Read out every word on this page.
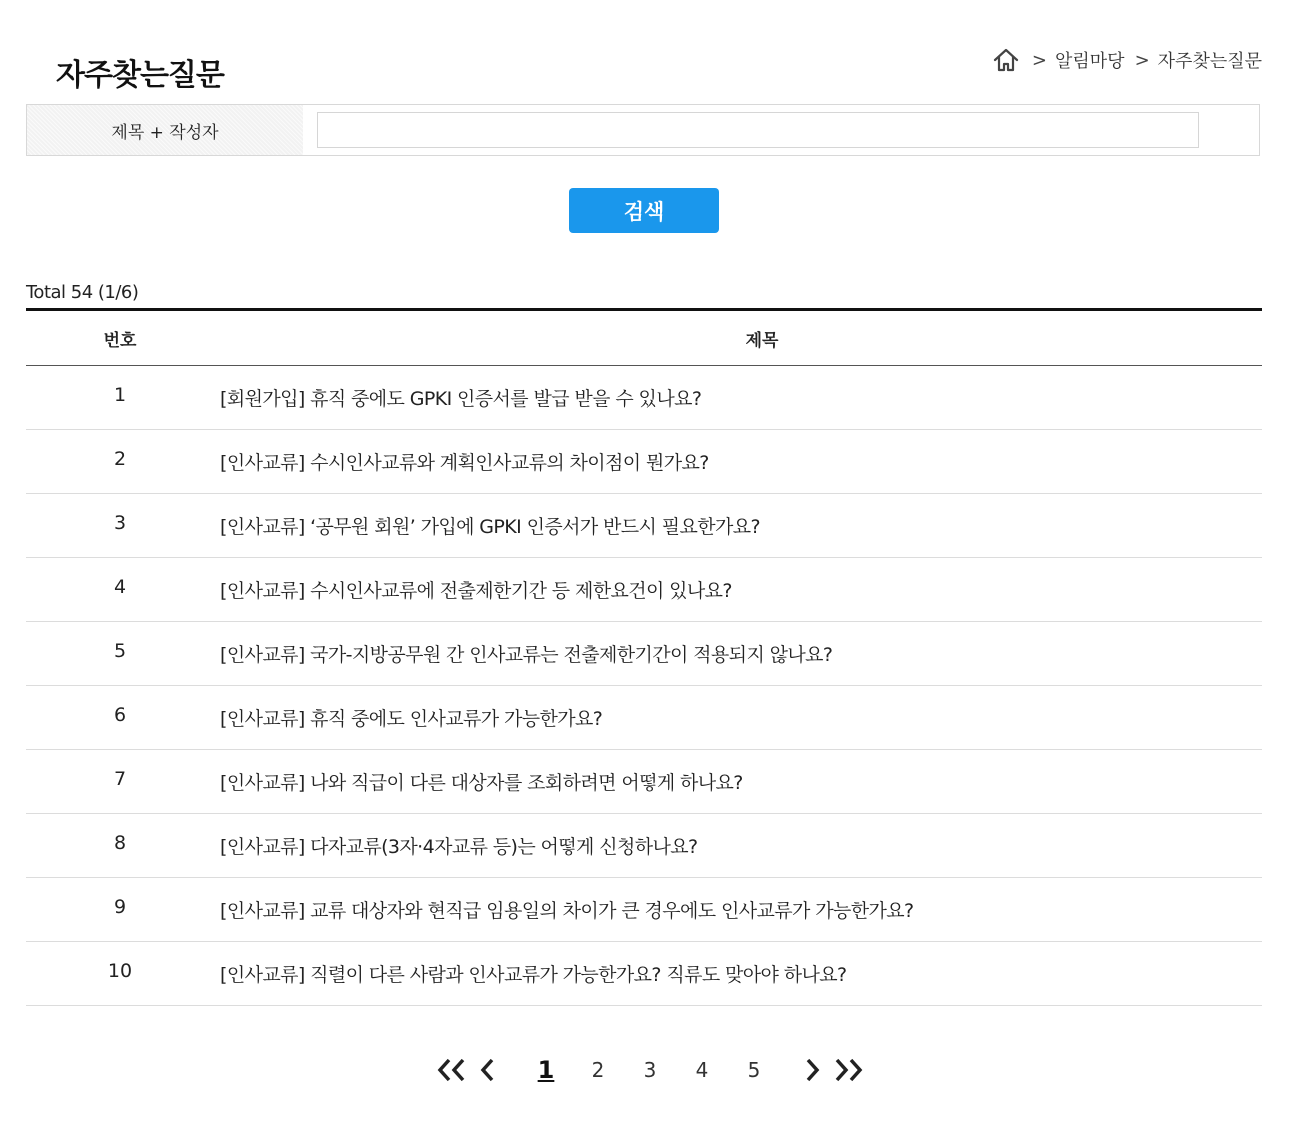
자주찾는질문	> 알림마당 > 자주찾는질문
제목 + 작성자
검색
Total 54 (1/6)
번호	제목
1	[회원가입] 휴직 중에도 GPKI 인증서를 발급 받을 수 있나요?
2	[인사교류] 수시인사교류와 계획인사교류의 차이점이 뭔가요?
3	[인사교류] ‘공무원 회원’ 가입에 GPKI 인증서가 반드시 필요한가요?
4	[인사교류] 수시인사교류에 전출제한기간 등 제한요건이 있나요?
5	[인사교류] 국가-지방공무원 간 인사교류는 전출제한기간이 적용되지 않나요?
6	[인사교류] 휴직 중에도 인사교류가 가능한가요?
7	[인사교류] 나와 직급이 다른 대상자를 조회하려면 어떻게 하나요?
8	[인사교류] 다자교류(3자·4자교류 등)는 어떻게 신청하나요?
9	[인사교류] 교류 대상자와 현직급 임용일의 차이가 큰 경우에도 인사교류가 가능한가요?
10	[인사교류] 직렬이 다른 사람과 인사교류가 가능한가요? 직류도 맞아야 하나요?
1	2	3	4	5
